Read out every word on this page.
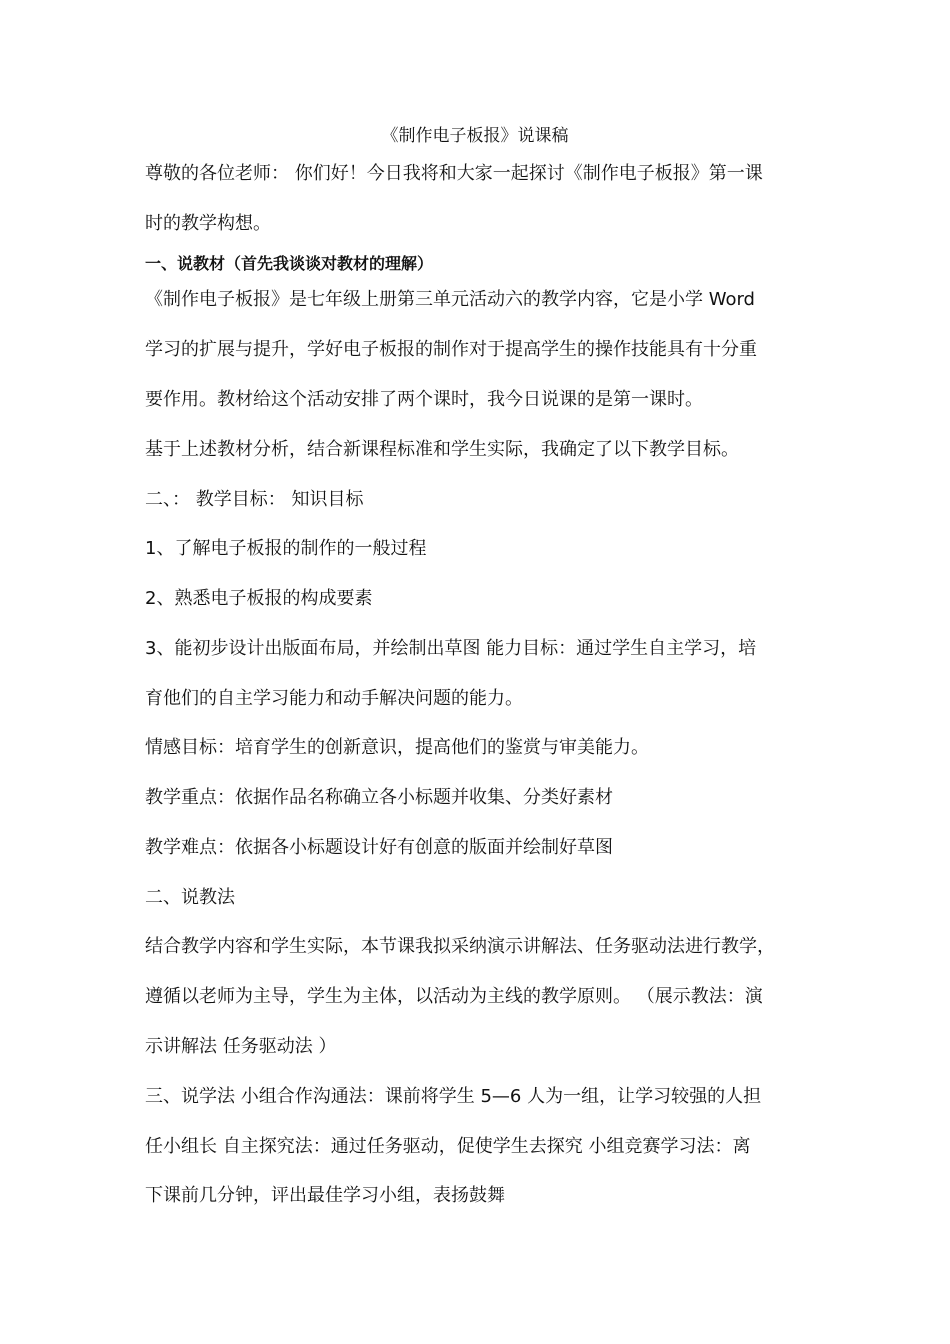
《制作电子板报》说课稿
尊敬的各位老师： 你们好！今日我将和大家一起探讨《制作电子板报》第一课
时的教学构想。
一、说教材（首先我谈谈对教材的理解）
《制作电子板报》是七年级上册第三单元活动六的教学内容，它是小学 Word
学习的扩展与提升，学好电子板报的制作对于提高学生的操作技能具有十分重
要作用。教材给这个活动安排了两个课时，我今日说课的是第一课时。
基于上述教材分析，结合新课程标准和学生实际，我确定了以下教学目标。
二、： 教学目标： 知识目标
1、了解电子板报的制作的一般过程
2、熟悉电子板报的构成要素
3、能初步设计出版面布局，并绘制出草图 能力目标：通过学生自主学习，培
育他们的自主学习能力和动手解决问题的能力。
情感目标：培育学生的创新意识，提高他们的鉴赏与审美能力。
教学重点：依据作品名称确立各小标题并收集、分类好素材
教学难点：依据各小标题设计好有创意的版面并绘制好草图
二、说教法
结合教学内容和学生实际，本节课我拟采纳演示讲解法、任务驱动法进行教学，
遵循以老师为主导，学生为主体，以活动为主线的教学原则。 （展示教法：演
示讲解法 任务驱动法 ）
三、说学法 小组合作沟通法：课前将学生 5—6 人为一组，让学习较强的人担
任小组长 自主探究法：通过任务驱动，促使学生去探究 小组竞赛学习法：离
下课前几分钟，评出最佳学习小组，表扬鼓舞
